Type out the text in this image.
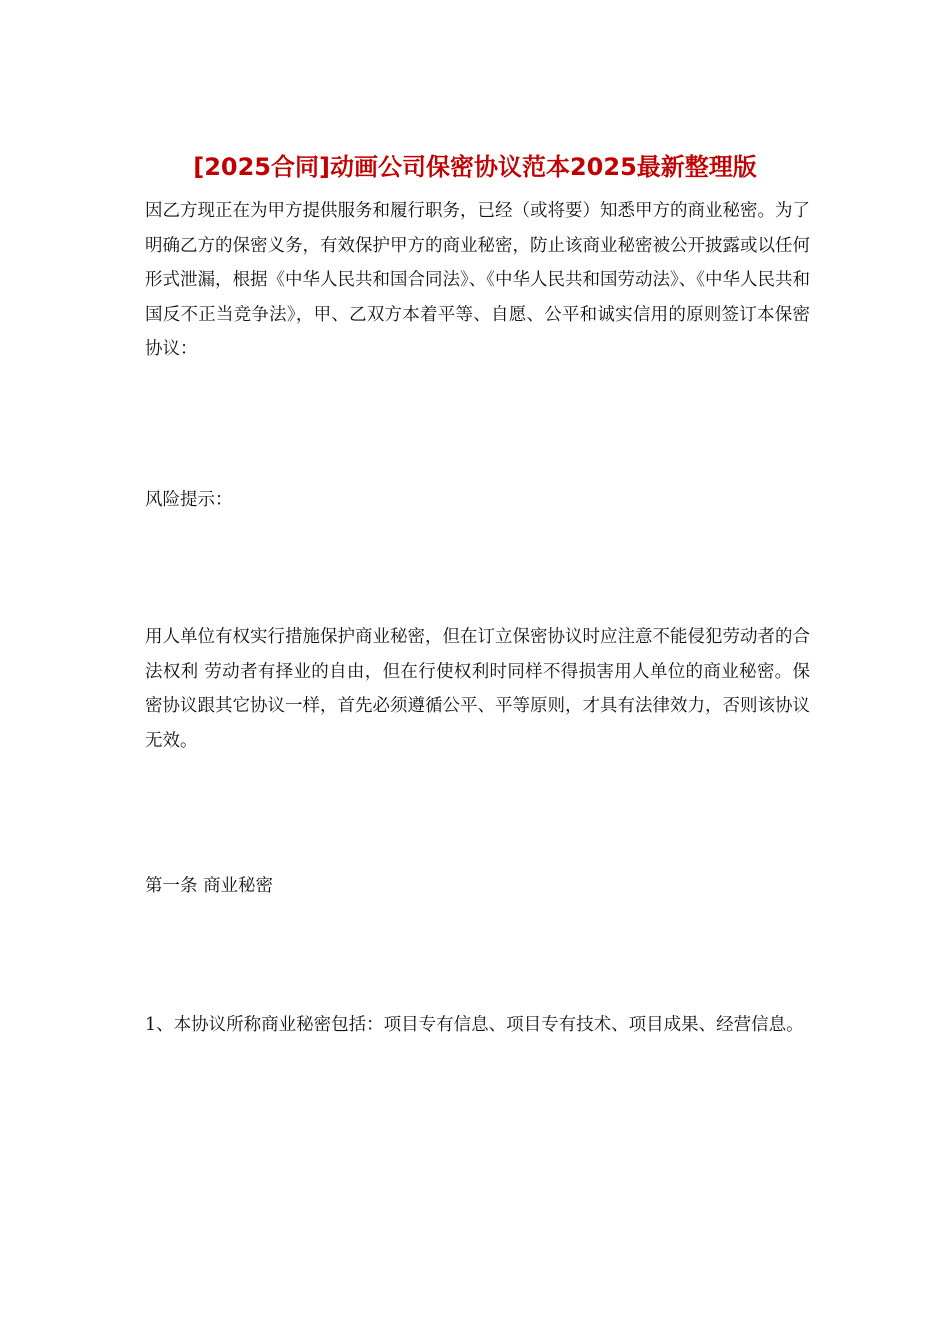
[2025合同]动画公司保密协议范本2025最新整理版

因乙方现正在为甲方提供服务和履行职务，已经（或将要）知悉甲方的商业秘密。为了明确乙方的保密义务，有效保护甲方的商业秘密，防止该商业秘密被公开披露或以任何形式泄漏，根据《中华人民共和国合同法》、《中华人民共和国劳动法》、《中华人民共和国反不正当竞争法》，甲、乙双方本着平等、自愿、公平和诚实信用的原则签订本保密协议：

风险提示：

用人单位有权实行措施保护商业秘密，但在订立保密协议时应注意不能侵犯劳动者的合法权利 劳动者有择业的自由，但在行使权利时同样不得损害用人单位的商业秘密。保密协议跟其它协议一样，首先必须遵循公平、平等原则，才具有法律效力，否则该协议无效。

第一条 商业秘密

1、本协议所称商业秘密包括：项目专有信息、项目专有技术、项目成果、经营信息。
